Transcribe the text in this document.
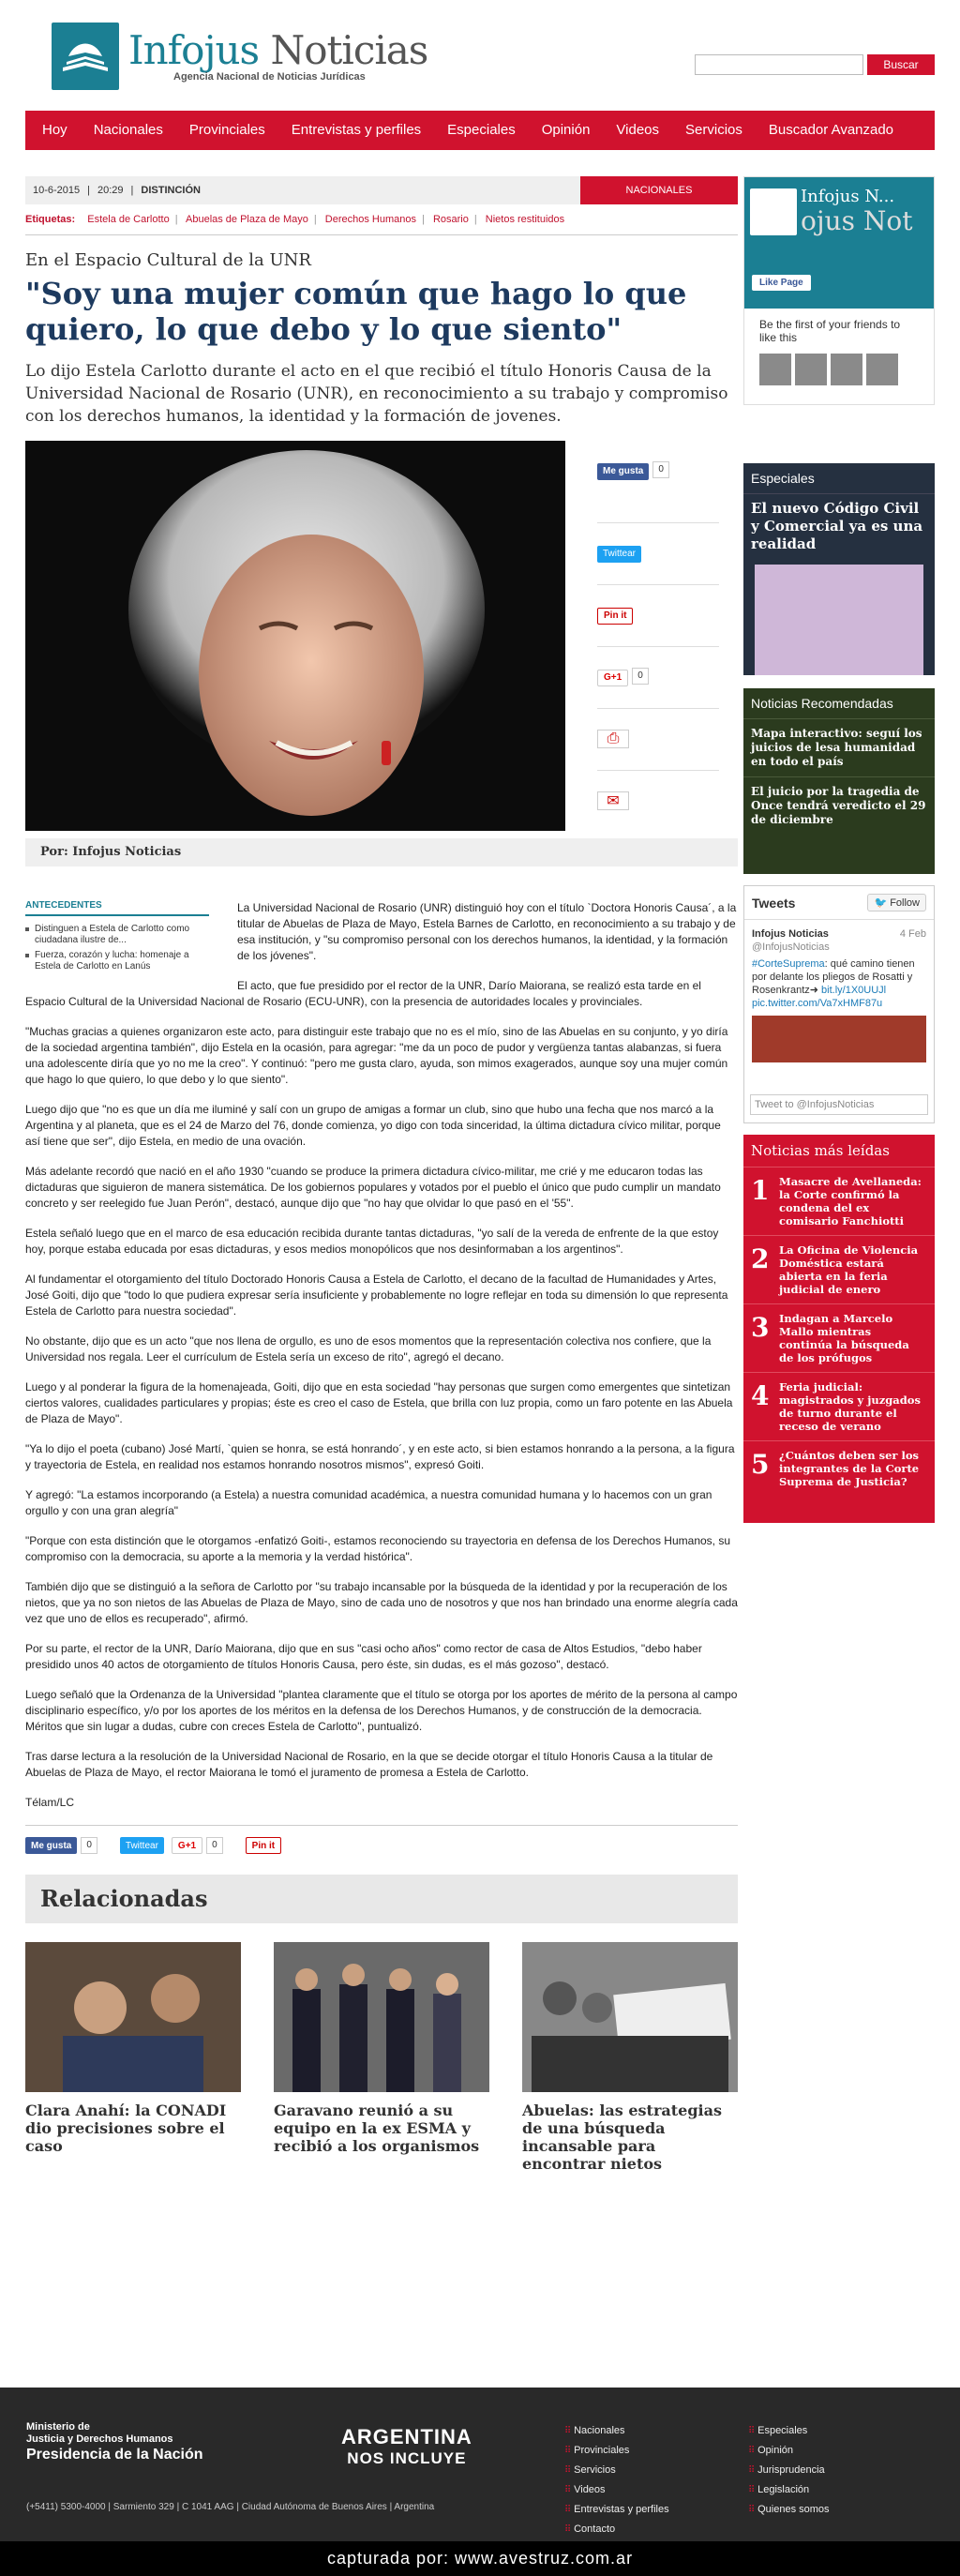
Infojus Noticias
Agencia Nacional de Noticias Jurídicas
Buscar
Hoy	Nacionales	Provinciales	Entrevistas y perfiles	Especiales	Opinión	Videos	Servicios	Buscador Avanzado
10-6-2015 | 20:29 | DISTINCIÓN	NACIONALES
Etiquetas: Estela de Carlotto | Abuelas de Plaza de Mayo | Derechos Humanos | Rosario | Nietos restituidos
En el Espacio Cultural de la UNR
"Soy una mujer común que hago lo que quiero, lo que debo y lo que siento"
Lo dijo Estela Carlotto durante el acto en el que recibió el título Honoris Causa de la Universidad Nacional de Rosario (UNR), en reconocimiento a su trabajo y compromiso con los derechos humanos, la identidad y la formación de jovenes.
Me gusta 0
Twittear
Pin it
G+1 0
⎙
✉
Por: Infojus Noticias
ANTECEDENTES
Distinguen a Estela de Carlotto como ciudadana ilustre de...
Fuerza, corazón y lucha: homenaje a Estela de Carlotto en Lanús

La Universidad Nacional de Rosario (UNR) distinguió hoy con el título `Doctora Honoris Causa´, a la titular de Abuelas de Plaza de Mayo, Estela Barnes de Carlotto, en reconocimiento a su trabajo y de esa institución, y "su compromiso personal con los derechos humanos, la identidad, y la formación de los jóvenes".

El acto, que fue presidido por el rector de la UNR, Darío Maiorana, se realizó esta tarde en el Espacio Cultural de la Universidad Nacional de Rosario (ECU-UNR), con la presencia de autoridades locales y provinciales.

"Muchas gracias a quienes organizaron este acto, para distinguir este trabajo que no es el mío, sino de las Abuelas en su conjunto, y yo diría de la sociedad argentina también", dijo Estela en la ocasión, para agregar: "me da un poco de pudor y vergüenza tantas alabanzas, si fuera una adolescente diría que yo no me la creo". Y continuó: "pero me gusta claro, ayuda, son mimos exagerados, aunque soy una mujer común que hago lo que quiero, lo que debo y lo que siento".

Luego dijo que "no es que un día me iluminé y salí con un grupo de amigas a formar un club, sino que hubo una fecha que nos marcó a la Argentina y al planeta, que es el 24 de Marzo del 76, donde comienza, yo digo con toda sinceridad, la última dictadura cívico militar, porque así tiene que ser", dijo Estela, en medio de una ovación.

Más adelante recordó que nació en el año 1930 "cuando se produce la primera dictadura cívico-militar, me crié y me educaron todas las dictaduras que siguieron de manera sistemática. De los gobiernos populares y votados por el pueblo el único que pudo cumplir un mandato concreto y ser reelegido fue Juan Perón", destacó, aunque dijo que "no hay que olvidar lo que pasó en el '55".

Estela señaló luego que en el marco de esa educación recibida durante tantas dictaduras, "yo salí de la vereda de enfrente de la que estoy hoy, porque estaba educada por esas dictaduras, y esos medios monopólicos que nos desinformaban a los argentinos".

Al fundamentar el otorgamiento del título Doctorado Honoris Causa a Estela de Carlotto, el decano de la facultad de Humanidades y Artes, José Goiti, dijo que "todo lo que pudiera expresar sería insuficiente y probablemente no logre reflejar en toda su dimensión lo que representa Estela de Carlotto para nuestra sociedad".

No obstante, dijo que es un acto "que nos llena de orgullo, es uno de esos momentos que la representación colectiva nos confiere, que la Universidad nos regala. Leer el currículum de Estela sería un exceso de rito", agregó el decano.

Luego y al ponderar la figura de la homenajeada, Goiti, dijo que en esta sociedad "hay personas que surgen como emergentes que sintetizan ciertos valores, cualidades particulares y propias; éste es creo el caso de Estela, que brilla con luz propia, como un faro potente en las Abuela de Plaza de Mayo".

"Ya lo dijo el poeta (cubano) José Martí, `quien se honra, se está honrando´, y en este acto, si bien estamos honrando a la persona, a la figura y trayectoria de Estela, en realidad nos estamos honrando nosotros mismos", expresó Goiti.

Y agregó: "La estamos incorporando (a Estela) a nuestra comunidad académica, a nuestra comunidad humana y lo hacemos con un gran orgullo y con una gran alegría"

"Porque con esta distinción que le otorgamos -enfatizó Goiti-, estamos reconociendo su trayectoria en defensa de los Derechos Humanos, su compromiso con la democracia, su aporte a la memoria y la verdad histórica".

También dijo que se distinguió a la señora de Carlotto por "su trabajo incansable por la búsqueda de la identidad y por la recuperación de los nietos, que ya no son nietos de las Abuelas de Plaza de Mayo, sino de cada uno de nosotros y que nos han brindado una enorme alegría cada vez que uno de ellos es recuperado", afirmó.

Por su parte, el rector de la UNR, Darío Maiorana, dijo que en sus "casi ocho años" como rector de casa de Altos Estudios, "debo haber presidido unos 40 actos de otorgamiento de títulos Honoris Causa, pero éste, sin dudas, es el más gozoso", destacó.

Luego señaló que la Ordenanza de la Universidad "plantea claramente que el título se otorga por los aportes de mérito de la persona al campo disciplinario específico, y/o por los aportes de los méritos en la defensa de los Derechos Humanos, y de construcción de la democracia. Méritos que sin lugar a dudas, cubre con creces Estela de Carlotto", puntualizó.

Tras darse lectura a la resolución de la Universidad Nacional de Rosario, en la que se decide otorgar el título Honoris Causa a la titular de Abuelas de Plaza de Mayo, el rector Maiorana le tomó el juramento de promesa a Estela de Carlotto.

Télam/LC

Me gusta	0	Twittear	G+1	0	Pin it
Relacionadas
Clara Anahí: la CONADI dio precisiones sobre el caso
Garavano reunió a su equipo en la ex ESMA y recibió a los organismos
Abuelas: las estrategias de una búsqueda incansable para encontrar nietos
Infojus N...
ojus Not
Like Page
Be the first of your friends to like this
Especiales
El nuevo Código Civil y Comercial ya es una realidad
Noticias Recomendadas
Mapa interactivo: seguí los juicios de lesa humanidad en todo el país
El juicio por la tragedia de Once tendrá veredicto el 29 de diciembre
Tweets	🐦 Follow
Infojus Noticias	4 Feb
@InfojusNoticias
#CorteSuprema: qué camino tienen por delante los pliegos de Rosatti y Rosenkrantz➜ bit.ly/1X0UUJl pic.twitter.com/Va7xHMF87u
Tweet to @InfojusNoticias
Noticias más leídas
1 Masacre de Avellaneda: la Corte confirmó la condena del ex comisario Fanchiotti
2 La Oficina de Violencia Doméstica estará abierta en la feria judicial de enero
3 Indagan a Marcelo Mallo mientras continúa la búsqueda de los prófugos
4 Feria judicial: magistrados y juzgados de turno durante el receso de verano
5 ¿Cuántos deben ser los integrantes de la Corte Suprema de Justicia?
Ministerio de
Justicia y Derechos Humanos
Presidencia de la Nación
ARGENTINA
NOS INCLUYE
(+5411) 5300-4000 | Sarmiento 329 | C 1041 AAG | Ciudad Autónoma de Buenos Aires | Argentina
⠿ Nacionales
⠿ Provinciales
⠿ Servicios
⠿ Videos
⠿ Entrevistas y perfiles
⠿ Contacto
⠿ Especiales
⠿ Opinión
⠿ Jurisprudencia
⠿ Legislación
⠿ Quienes somos
capturada por: www.avestruz.com.ar
